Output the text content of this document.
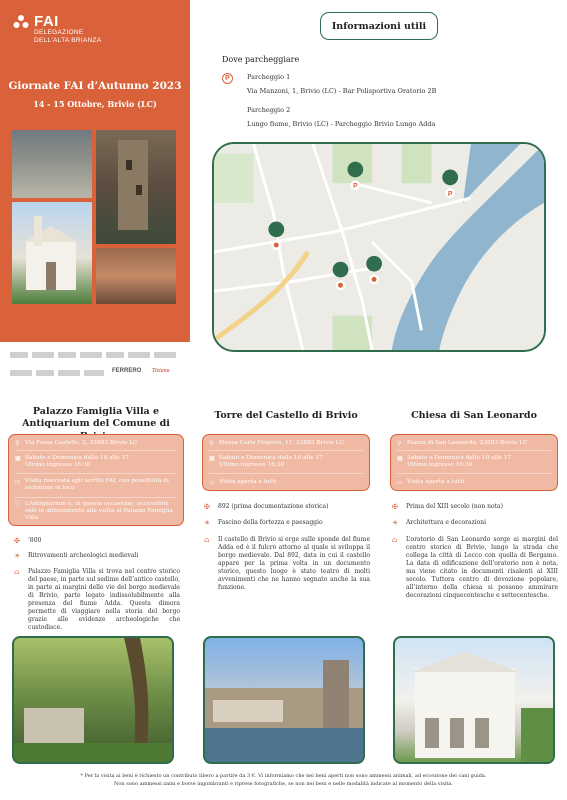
FAI
DELEGAZIONE
DELL'ALTA BRIANZA
Giornate FAI d’Autunno 2023
14 - 15 Ottobre, Brivio (LC)
FERRERO Tiziana
Informazioni utili
Dove parcheggiare
P	Parcheggio 1
Via Manzoni, 1, Brivio (LC) - Bar Polisportiva Oratorio 2B
Parcheggio 2
Lungo fiume, Brivio (LC) - Parcheggio Brivio Lungo Adda
P
P
Palazzo Famiglia Villa e
Antiquarium del Comune di
⚲ Via Fossa Castello, 2, 23883 Brivio LC
▦ Sabato e Domenica dalle 10 alle 17
Ultimo ingresso 16:30
▭ Visita riservata agli iscritti FAI, con possibilità di iscrizione in loco
ⓘ L’Antiquarium è, in questa occasione, accessibile solo in abbinamento alla visita al Palazzo Famiglia Villa
✠	’800
☀	Ritrovamenti archeologici medievali
⌂	Palazzo Famiglia Villa si trova nel centro storico del paese, in parte sul sedime dell’antico castello, in parte ai margini delle vie del borgo medievale di Brivio, parte legato indissolubilmente alla presenza del fiume Adda. Questa dimora permette di viaggiare nella storia del borgo grazie alle evidenze archeologiche che custodisce.
Torre del Castello di Brivio
⚲ Piazza Carlo Frigerio, 11, 23883 Brivio LC
▦ Sabato e Domenica dalle 10 alle 17
Ultimo ingresso 16:30
▭ Visita aperta a tutti
✠	892 (prima documentazione storica)
☀	Fascino della fortezza e paesaggio
⌂	Il castello di Brivio si erge sulle sponde del fiume Adda ed è il fulcro attorno al quale si sviluppa il borgo medievale. Dal 892, data in cui il castello appare per la prima volta in un documento storico, questo luogo è stato teatro di molti avvenimenti che ne hanno segnato anche la sua funzione.
Chiesa di San Leonardo
⚲ Piazza di San Leonardo, 23883 Brivio LC
▦ Sabato e Domenica dalle 10 alle 17
Ultimo ingresso 16:30
▭ Visita aperta a tutti
✠	Prima del XIII secolo (non nota)
☀	Architettura e decorazioni
⌂	L’oratorio di San Leonardo sorge ai margini del centro storico di Brivio, lungo la strada che collega la città di Lecco con quella di Bergamo. La data di edificazione dell’oratorio non è nota, ma viene citato in documenti risalenti al XIII secolo. Tuttora centro di devozione popolare, all’interno della chiesa si possono ammirare decorazioni cinquecentesche e settecentesche.
* Per la visita ai beni è richiesto un contributo libero a partire da 3 €. Vi informiamo che nei beni aperti non sono ammessi animali, ad eccezione dei cani guida.
Non sono ammessi zaini e borse ingombranti e riprese fotografiche, se non nei beni e nelle modalità indicate al momento della visita.
